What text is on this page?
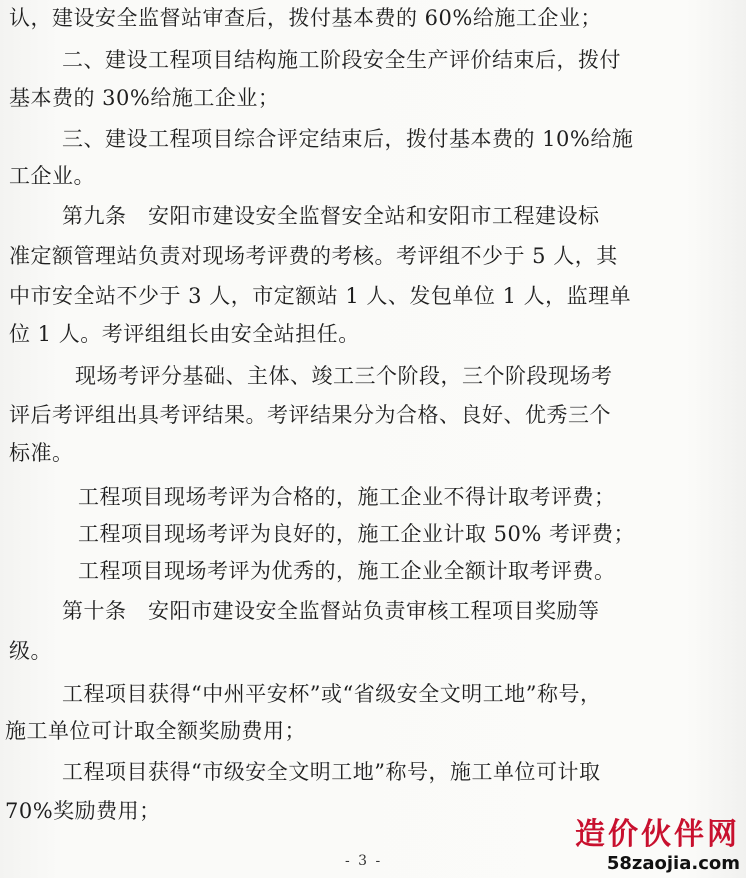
认，建设安全监督站审查后，拨付基本费的 60%给施工企业；
二、建设工程项目结构施工阶段安全生产评价结束后，拨付
基本费的 30%给施工企业；
三、建设工程项目综合评定结束后，拨付基本费的 10%给施
工企业。
第九条　安阳市建设安全监督安全站和安阳市工程建设标
准定额管理站负责对现场考评费的考核。考评组不少于 5 人，其
中市安全站不少于 3 人，市定额站 1 人、发包单位 1 人，监理单
位 1 人。考评组组长由安全站担任。
现场考评分基础、主体、竣工三个阶段，三个阶段现场考
评后考评组出具考评结果。考评结果分为合格、良好、优秀三个
标准。
工程项目现场考评为合格的，施工企业不得计取考评费；
工程项目现场考评为良好的，施工企业计取 50% 考评费；
工程项目现场考评为优秀的，施工企业全额计取考评费。
第十条　安阳市建设安全监督站负责审核工程项目奖励等
级。
工程项目获得“中州平安杯”或“省级安全文明工地”称号，
施工单位可计取全额奖励费用；
工程项目获得“市级安全文明工地”称号，施工单位可计取
70%奖励费用；
- 3 -
造价伙伴网
58zaojia.com
